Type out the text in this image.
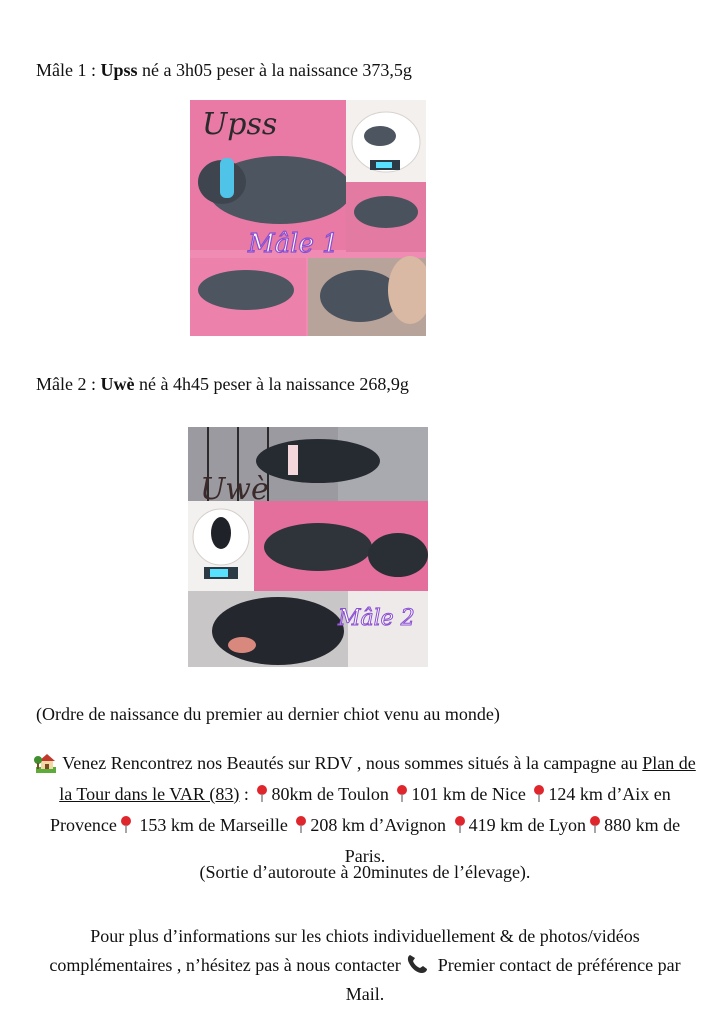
Mâle 1 : Upss né a 3h05 peser à la naissance 373,5g
Upss
Mâle 1
Mâle 2 : Uwè né à 4h45 peser à la naissance 268,9g
Uwè
Mâle 2
(Ordre de naissance du premier au dernier chiot venu au monde)
Venez Rencontrez nos Beautés sur RDV , nous sommes situés à la campagne au Plan de la Tour dans le VAR (83) : 80km de Toulon 101 km de Nice 124 km d’Aix en Provence 153 km de Marseille 208 km d’Avignon 419 km de Lyon 880 km de Paris.
(Sortie d’autoroute à 20minutes de l’élevage).
Pour plus d’informations sur les chiots individuellement & de photos/vidéos complémentaires , n’hésitez pas à nous contacter  Premier contact de préférence par Mail.
